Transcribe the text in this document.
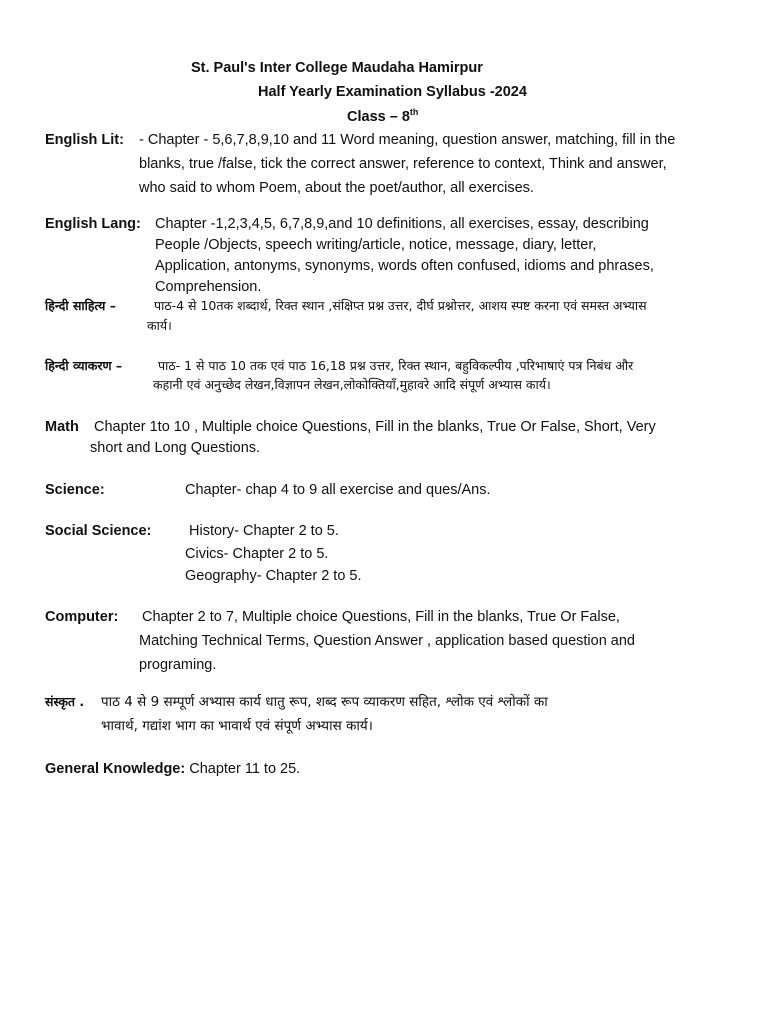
St. Paul's Inter College Maudaha Hamirpur
Half Yearly Examination Syllabus -2024
Class – 8th
English Lit: - Chapter - 5,6,7,8,9,10 and 11 Word meaning, question answer, matching, fill in the
blanks, true /false, tick the correct answer, reference to context, Think and answer,
who said to whom Poem, about the poet/author, all exercises.
English Lang: Chapter -1,2,3,4,5, 6,7,8,9,and 10 definitions, all exercises, essay, describing
People /Objects, speech writing/article, notice, message, diary, letter,
Application, antonyms, synonyms, words often confused, idioms and phrases,
Comprehension.
हिन्दी साहित्य –	पाठ-4 से 10तक शब्दार्थ, रिक्त स्थान ,संक्षिप्त प्रश्न उत्तर, दीर्घ प्रश्नोत्तर, आशय स्पष्ट करना एवं समस्त अभ्यास
कार्य।
हिन्दी व्याकरण –	पाठ- 1 से पाठ 10 तक एवं पाठ 16,18 प्रश्न उत्तर, रिक्त स्थान, बहुविकल्पीय ,परिभाषाएं पत्र निबंध और
कहानी एवं अनुच्छेद लेखन,विज्ञापन लेखन,लोकोक्तियाँ,मुहावरे आदि संपूर्ण अभ्यास कार्य।
Math Chapter 1to 10 , Multiple choice Questions, Fill in the blanks, True Or False, Short, Very
short and Long Questions.
Science:	Chapter- chap 4 to 9 all exercise and ques/Ans.
Social Science:	History- Chapter 2 to 5.
Civics- Chapter 2 to 5.
Geography- Chapter 2 to 5.
Computer: Chapter 2 to 7, Multiple choice Questions, Fill in the blanks, True Or False,
Matching Technical Terms, Question Answer , application based question and
programing.
संस्कृत . पाठ 4 से 9 सम्पूर्ण अभ्यास कार्य धातु रूप, शब्द रूप व्याकरण सहित, श्लोक एवं श्लोकों का
भावार्थ, गद्यांश भाग का भावार्थ एवं संपूर्ण अभ्यास कार्य।
General Knowledge: Chapter 11 to 25.
